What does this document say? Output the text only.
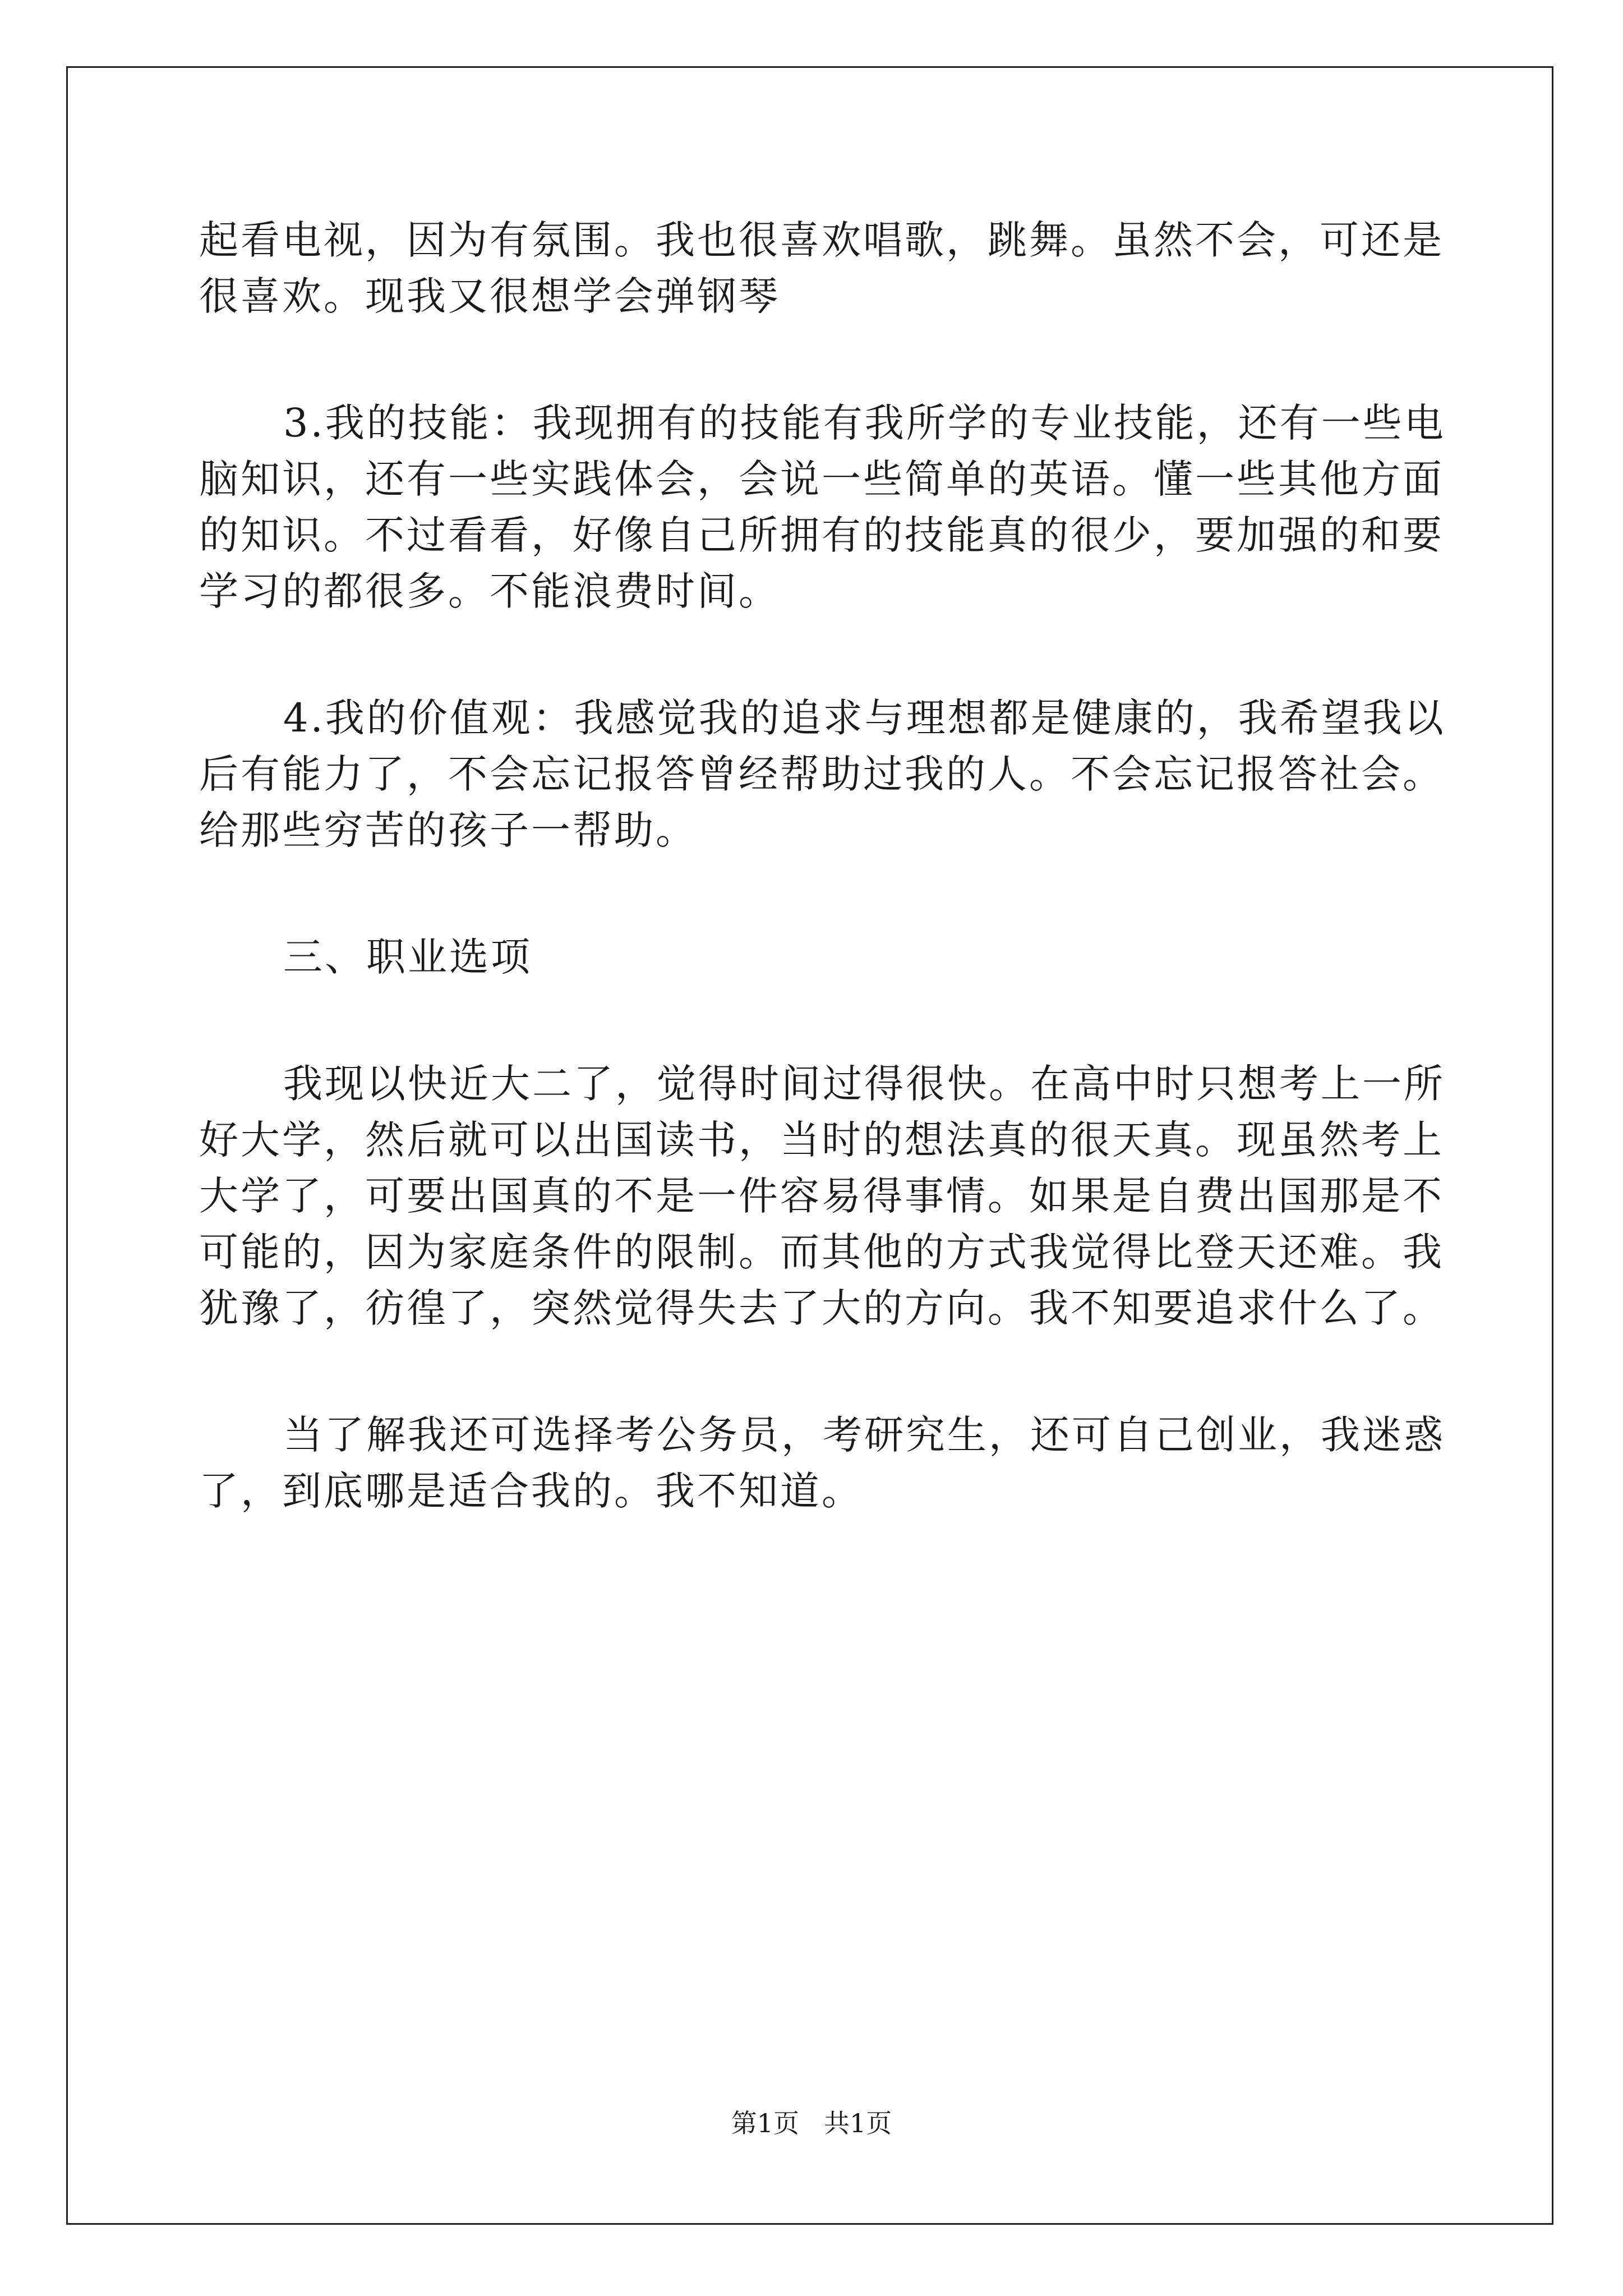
起看电视，因为有氛围。我也很喜欢唱歌，跳舞。虽然不会，可还是
很喜欢。现我又很想学会弹钢琴
3.我的技能：我现拥有的技能有我所学的专业技能，还有一些电
脑知识，还有一些实践体会，会说一些简单的英语。懂一些其他方面
的知识。不过看看，好像自己所拥有的技能真的很少，要加强的和要
学习的都很多。不能浪费时间。
4.我的价值观：我感觉我的追求与理想都是健康的，我希望我以
后有能力了，不会忘记报答曾经帮助过我的人。不会忘记报答社会。
给那些穷苦的孩子一帮助。
三、职业选项
我现以快近大二了，觉得时间过得很快。在高中时只想考上一所
好大学，然后就可以出国读书，当时的想法真的很天真。现虽然考上
大学了，可要出国真的不是一件容易得事情。如果是自费出国那是不
可能的，因为家庭条件的限制。而其他的方式我觉得比登天还难。我
犹豫了，彷徨了，突然觉得失去了大的方向。我不知要追求什么了。
当了解我还可选择考公务员，考研究生，还可自己创业，我迷惑
了，到底哪是适合我的。我不知道。
第1页 共1页
